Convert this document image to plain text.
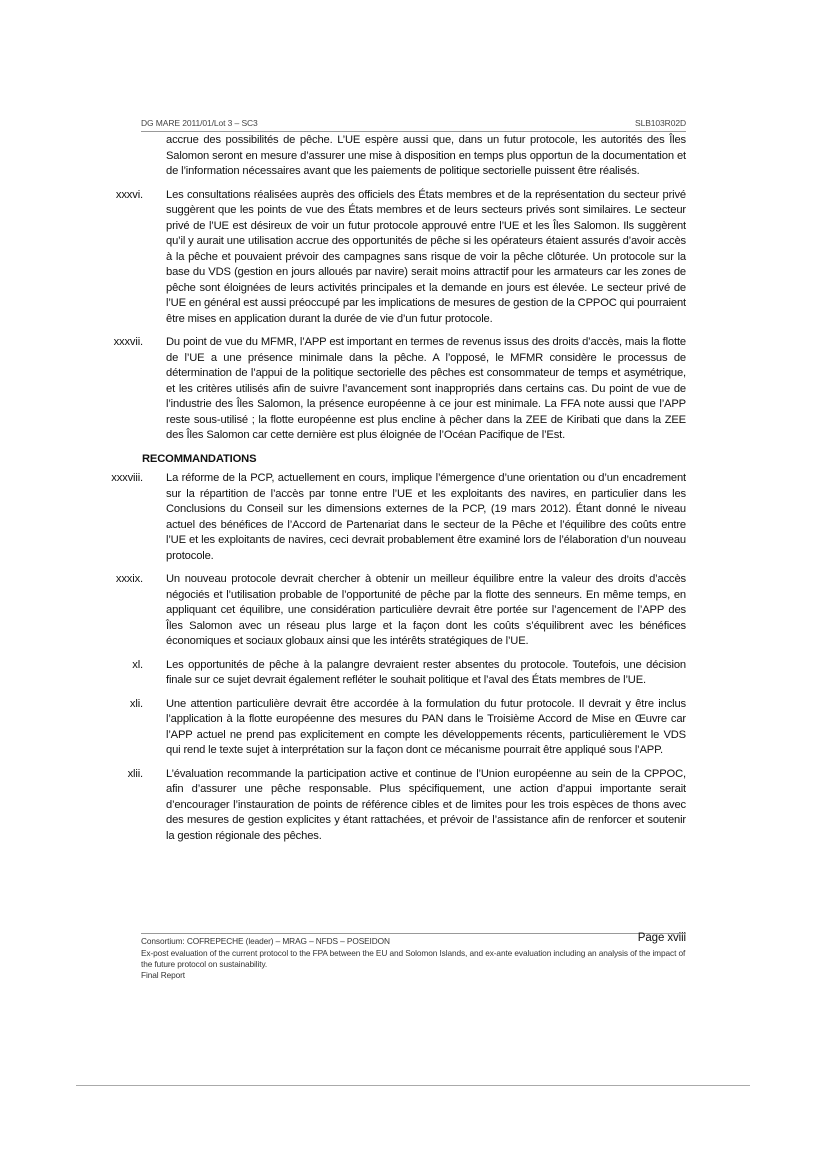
DG MARE 2011/01/Lot 3 – SC3	SLB103R02D
accrue des possibilités de pêche. L’UE espère aussi que, dans un futur protocole, les autorités des Îles Salomon seront en mesure d’assurer une mise à disposition en temps plus opportun de la documentation et de l’information nécessaires avant que les paiements de politique sectorielle puissent être réalisés.
xxxvi. Les consultations réalisées auprès des officiels des États membres et de la représentation du secteur privé suggèrent que les points de vue des États membres et de leurs secteurs privés sont similaires. Le secteur privé de l’UE est désireux de voir un futur protocole approuvé entre l’UE et les Îles Salomon. Ils suggèrent qu’il y aurait une utilisation accrue des opportunités de pêche si les opérateurs étaient assurés d’avoir accès à la pêche et pouvaient prévoir des campagnes sans risque de voir la pêche clôturée. Un protocole sur la base du VDS (gestion en jours alloués par navire) serait moins attractif pour les armateurs car les zones de pêche sont éloignées de leurs activités principales et la demande en jours est élevée. Le secteur privé de l’UE en général est aussi préoccupé par les implications de mesures de gestion de la CPPOC qui pourraient être mises en application durant la durée de vie d’un futur protocole.
xxxvii. Du point de vue du MFMR, l’APP est important en termes de revenus issus des droits d’accès, mais la flotte de l’UE a une présence minimale dans la pêche. A l’opposé, le MFMR considère le processus de détermination de l’appui de la politique sectorielle des pêches est consommateur de temps et asymétrique, et les critères utilisés afin de suivre l’avancement sont inappropriés dans certains cas. Du point de vue de l’industrie des Îles Salomon, la présence européenne à ce jour est minimale. La FFA note aussi que l’APP reste sous-utilisé ; la flotte européenne est plus encline à pêcher dans la ZEE de Kiribati que dans la ZEE des Îles Salomon car cette dernière est plus éloignée de l’Océan Pacifique de l’Est.
RECOMMANDATIONS
xxxviii. La réforme de la PCP, actuellement en cours, implique l’émergence d’une orientation ou d’un encadrement sur la répartition de l’accès par tonne entre l’UE et les exploitants des navires, en particulier dans les Conclusions du Conseil sur les dimensions externes de la PCP, (19 mars 2012). Étant donné le niveau actuel des bénéfices de l’Accord de Partenariat dans le secteur de la Pêche et l’équilibre des coûts entre l’UE et les exploitants de navires, ceci devrait probablement être examiné lors de l’élaboration d’un nouveau protocole.
xxxix. Un nouveau protocole devrait chercher à obtenir un meilleur équilibre entre la valeur des droits d’accès négociés et l’utilisation probable de l’opportunité de pêche par la flotte des senneurs. En même temps, en appliquant cet équilibre, une considération particulière devrait être portée sur l’agencement de l’APP des Îles Salomon avec un réseau plus large et la façon dont les coûts s’équilibrent avec les bénéfices économiques et sociaux globaux ainsi que les intérêts stratégiques de l’UE.
xl. Les opportunités de pêche à la palangre devraient rester absentes du protocole. Toutefois, une décision finale sur ce sujet devrait également refléter le souhait politique et l’aval des États membres de l’UE.
xli. Une attention particulière devrait être accordée à la formulation du futur protocole. Il devrait y être inclus l’application à la flotte européenne des mesures du PAN dans le Troisième Accord de Mise en Œuvre car l’APP actuel ne prend pas explicitement en compte les développements récents, particulièrement le VDS qui rend le texte sujet à interprétation sur la façon dont ce mécanisme pourrait être appliqué sous l’APP.
xlii. L’évaluation recommande la participation active et continue de l’Union européenne au sein de la CPPOC, afin d’assurer une pêche responsable. Plus spécifiquement, une action d’appui importante serait d’encourager l’instauration de points de référence cibles et de limites pour les trois espèces de thons avec des mesures de gestion explicites y étant rattachées, et prévoir de l’assistance afin de renforcer et soutenir la gestion régionale des pêches.
Consortium: COFREPECHE (leader) – MRAG – NFDS – POSEIDON	Page xviii
Ex-post evaluation of the current protocol to the FPA between the EU and Solomon Islands, and ex-ante evaluation including an analysis of the impact of the future protocol on sustainability.
Final Report
